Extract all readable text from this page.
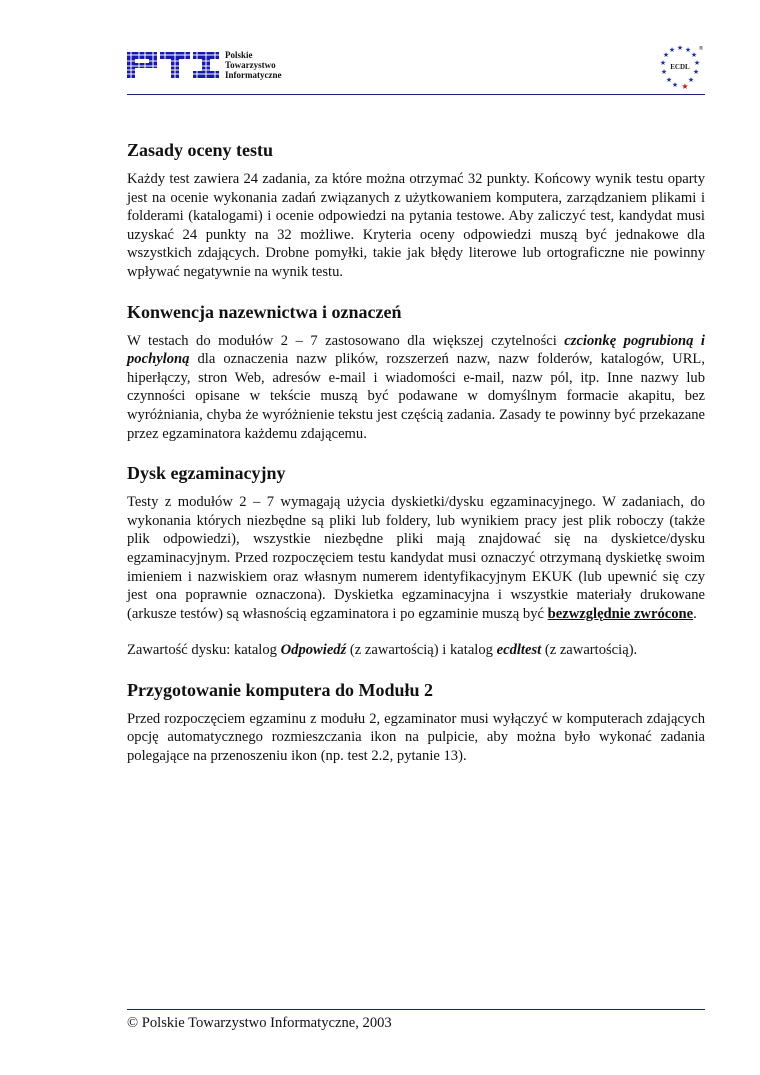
Polskie
Towarzystwo
Informatyczne
★ ★
★
★
★
★
★
★
★
★
★
★ ★
ECDL
®
Zasady oceny testu

Każdy test zawiera 24 zadania, za które można otrzymać 32 punkty. Końcowy wynik testu oparty jest na ocenie wykonania zadań związanych z użytkowaniem komputera, zarządzaniem plikami i folderami (katalogami) i ocenie odpowiedzi na pytania testowe. Aby zaliczyć test, kandydat musi uzyskać 24 punkty na 32 możliwe. Kryteria oceny odpowiedzi muszą być jednakowe dla wszystkich zdających. Drobne pomyłki, takie jak błędy literowe lub ortograficzne nie powinny wpływać negatywnie na wynik testu.

Konwencja nazewnictwa i oznaczeń

W testach do modułów 2 – 7 zastosowano dla większej czytelności czcionkę pogrubioną i pochyloną dla oznaczenia nazw plików, rozszerzeń nazw, nazw folderów, katalogów, URL, hiperłączy, stron Web, adresów e-mail i wiadomości e-mail, nazw pól, itp. Inne nazwy lub czynności opisane w tekście muszą być podawane w domyślnym formacie akapitu, bez wyróżniania, chyba że wyróżnienie tekstu jest częścią zadania. Zasady te powinny być przekazane przez egzaminatora każdemu zdającemu.

Dysk egzaminacyjny

Testy z modułów 2 – 7 wymagają użycia dyskietki/dysku egzaminacyjnego. W zadaniach, do wykonania których niezbędne są pliki lub foldery, lub wynikiem pracy jest plik roboczy (także plik odpowiedzi), wszystkie niezbędne pliki mają znajdować się na dyskietce/dysku egzaminacyjnym. Przed rozpoczęciem testu kandydat musi oznaczyć otrzymaną dyskietkę swoim imieniem i nazwiskiem oraz własnym numerem identyfikacyjnym EKUK (lub upewnić się czy jest ona poprawnie oznaczona). Dyskietka egzaminacyjna i wszystkie materiały drukowane (arkusze testów) są własnością egzaminatora i po egzaminie muszą być bezwzględnie zwrócone.

Zawartość dysku: katalog Odpowiedź (z zawartością) i katalog ecdltest (z zawartością).

Przygotowanie komputera do Modułu 2

Przed rozpoczęciem egzaminu z modułu 2, egzaminator musi wyłączyć w komputerach zdających opcję automatycznego rozmieszczania ikon na pulpicie, aby można było wykonać zadania polegające na przenoszeniu ikon (np. test 2.2, pytanie 13).

© Polskie Towarzystwo Informatyczne, 2003
